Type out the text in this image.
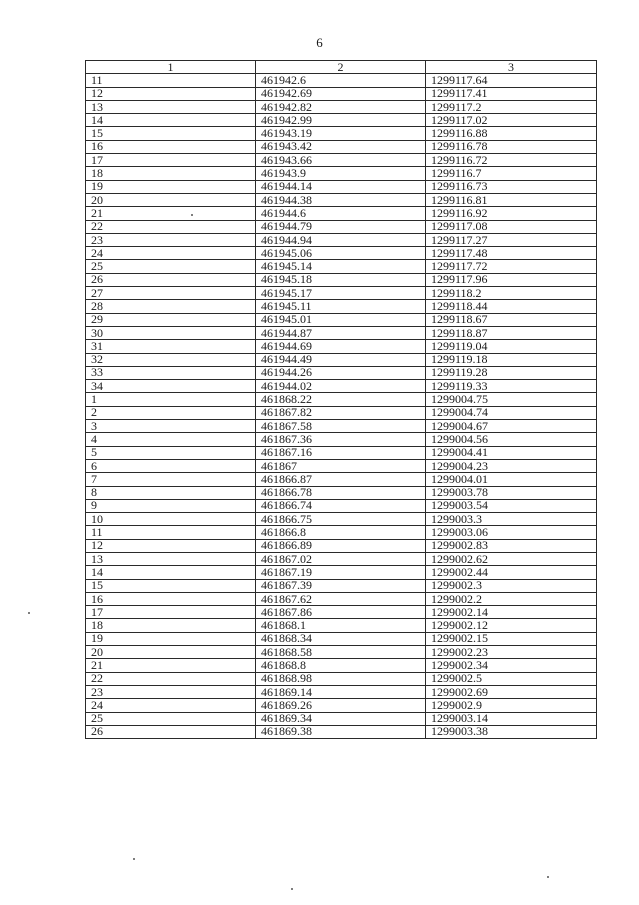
6
1	2	3
11	461942.6	1299117.64
12	461942.69	1299117.41
13	461942.82	1299117.2
14	461942.99	1299117.02
15	461943.19	1299116.88
16	461943.42	1299116.78
17	461943.66	1299116.72
18	461943.9	1299116.7
19	461944.14	1299116.73
20	461944.38	1299116.81
21	461944.6	1299116.92
22	461944.79	1299117.08
23	461944.94	1299117.27
24	461945.06	1299117.48
25	461945.14	1299117.72
26	461945.18	1299117.96
27	461945.17	1299118.2
28	461945.11	1299118.44
29	461945.01	1299118.67
30	461944.87	1299118.87
31	461944.69	1299119.04
32	461944.49	1299119.18
33	461944.26	1299119.28
34	461944.02	1299119.33
1	461868.22	1299004.75
2	461867.82	1299004.74
3	461867.58	1299004.67
4	461867.36	1299004.56
5	461867.16	1299004.41
6	461867	1299004.23
7	461866.87	1299004.01
8	461866.78	1299003.78
9	461866.74	1299003.54
10	461866.75	1299003.3
11	461866.8	1299003.06
12	461866.89	1299002.83
13	461867.02	1299002.62
14	461867.19	1299002.44
15	461867.39	1299002.3
16	461867.62	1299002.2
17	461867.86	1299002.14
18	461868.1	1299002.12
19	461868.34	1299002.15
20	461868.58	1299002.23
21	461868.8	1299002.34
22	461868.98	1299002.5
23	461869.14	1299002.69
24	461869.26	1299002.9
25	461869.34	1299003.14
26	461869.38	1299003.38
